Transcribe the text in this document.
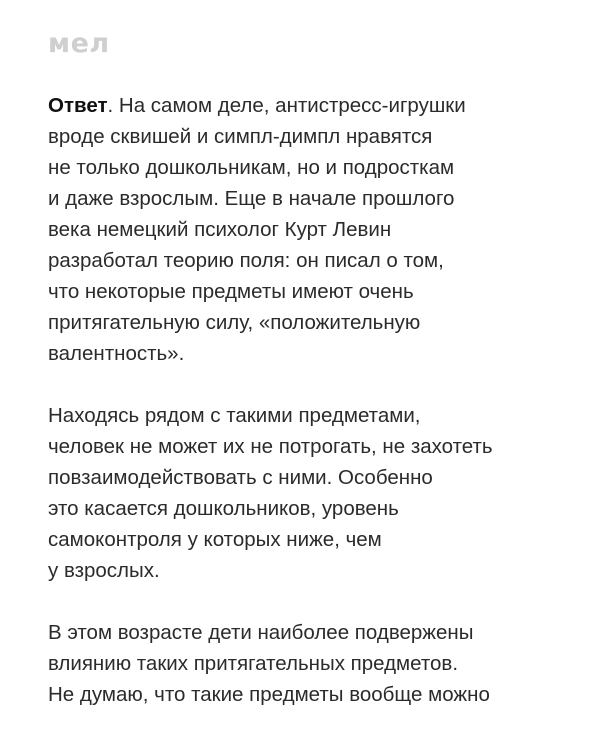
мел
Ответ. На самом деле, антистресс-игрушки
вроде сквишей и симпл-димпл нравятся
не только дошкольникам, но и подросткам
и даже взрослым. Еще в начале прошлого
века немецкий психолог Курт Левин
разработал теорию поля: он писал о том,
что некоторые предметы имеют очень
притягательную силу, «положительную
валентность».
Находясь рядом с такими предметами,
человек не может их не потрогать, не захотеть
повзаимодействовать с ними. Особенно
это касается дошкольников, уровень
самоконтроля у которых ниже, чем
у взрослых.
В этом возрасте дети наиболее подвержены
влиянию таких притягательных предметов.
Не думаю, что такие предметы вообще можно
